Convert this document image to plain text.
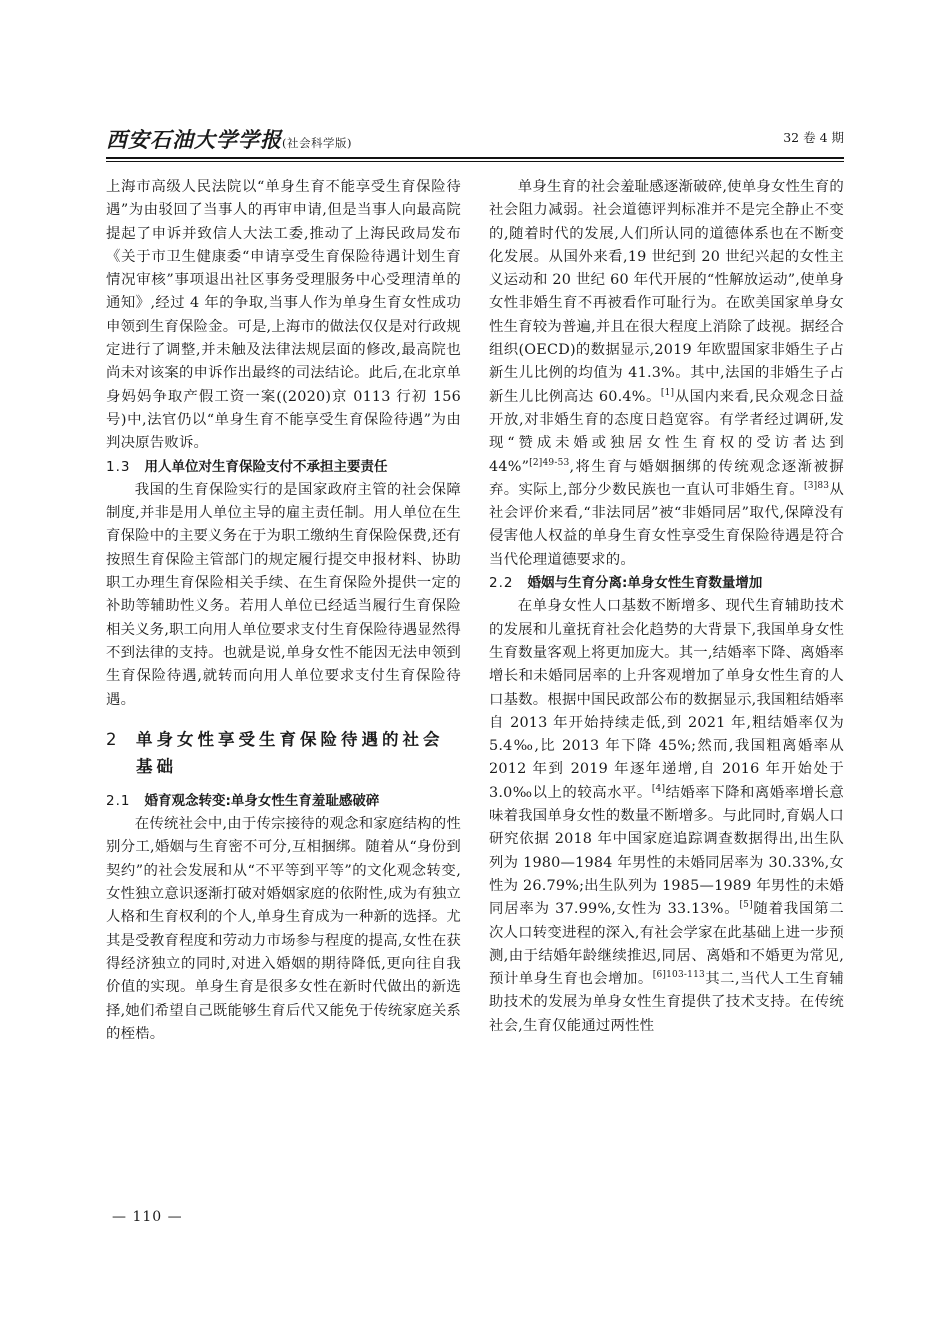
西安石油大学学报(社会科学版)	32 卷 4 期

上海市高级人民法院以“单身生育不能享受生育保险待遇”为由驳回了当事人的再审申请,但是当事人向最高院提起了申诉并致信人大法工委,推动了上海民政局发布《关于市卫生健康委“申请享受生育保险待遇计划生育情况审核”事项退出社区事务受理服务中心受理清单的通知》,经过 4 年的争取,当事人作为单身生育女性成功申领到生育保险金。可是,上海市的做法仅仅是对行政规定进行了调整,并未触及法律法规层面的修改,最高院也尚未对该案的申诉作出最终的司法结论。此后,在北京单身妈妈争取产假工资一案((2020)京 0113 行初 156 号)中,法官仍以“单身生育不能享受生育保险待遇”为由判决原告败诉。

1.3 用人单位对生育保险支付不承担主要责任

我国的生育保险实行的是国家政府主管的社会保障制度,并非是用人单位主导的雇主责任制。用人单位在生育保险中的主要义务在于为职工缴纳生育保险保费,还有按照生育保险主管部门的规定履行提交申报材料、协助职工办理生育保险相关手续、在生育保险外提供一定的补助等辅助性义务。若用人单位已经适当履行生育保险相关义务,职工向用人单位要求支付生育保险待遇显然得不到法律的支持。也就是说,单身女性不能因无法申领到生育保险待遇,就转而向用人单位要求支付生育保险待遇。

2	单身女性享受生育保险待遇的社会
基础

2.1 婚育观念转变:单身女性生育羞耻感破碎

在传统社会中,由于传宗接待的观念和家庭结构的性别分工,婚姻与生育密不可分,互相捆绑。随着从“身份到契约”的社会发展和从“不平等到平等”的文化观念转变,女性独立意识逐渐打破对婚姻家庭的依附性,成为有独立人格和生育权利的个人,单身生育成为一种新的选择。尤其是受教育程度和劳动力市场参与程度的提高,女性在获得经济独立的同时,对进入婚姻的期待降低,更向往自我价值的实现。单身生育是很多女性在新时代做出的新选择,她们希望自己既能够生育后代又能免于传统家庭关系的桎梏。

单身生育的社会羞耻感逐渐破碎,使单身女性生育的社会阻力减弱。社会道德评判标准并不是完全静止不变的,随着时代的发展,人们所认同的道德体系也在不断变化发展。从国外来看,19 世纪到 20 世纪兴起的女性主义运动和 20 世纪 60 年代开展的“性解放运动”,使单身女性非婚生育不再被看作可耻行为。在欧美国家单身女性生育较为普遍,并且在很大程度上消除了歧视。据经合组织(OECD)的数据显示,2019 年欧盟国家非婚生子占新生儿比例的均值为 41.3%。其中,法国的非婚生子占新生儿比例高达 60.4%。[1]从国内来看,民众观念日益开放,对非婚生育的态度日趋宽容。有学者经过调研,发现“赞成未婚或独居女性生育权的受访者达到 44%”$^{[2]49-53}$,将生育与婚姻捆绑的传统观念逐渐被摒弃。实际上,部分少数民族也一直认可非婚生育。$^{[3]83}$从社会评价来看,“非法同居”被“非婚同居”取代,保障没有侵害他人权益的单身生育女性享受生育保险待遇是符合当代伦理道德要求的。

2.2 婚姻与生育分离:单身女性生育数量增加

在单身女性人口基数不断增多、现代生育辅助技术的发展和儿童抚育社会化趋势的大背景下,我国单身女性生育数量客观上将更加庞大。其一,结婚率下降、离婚率增长和未婚同居率的上升客观增加了单身女性生育的人口基数。根据中国民政部公布的数据显示,我国粗结婚率自 2013 年开始持续走低,到 2021 年,粗结婚率仅为 5.4‰,比 2013 年下降 45%;然而,我国粗离婚率从 2012 年到 2019 年逐年递增,自 2016 年开始处于 3.0‰以上的较高水平。[4]结婚率下降和离婚率增长意味着我国单身女性的数量不断增多。与此同时,育娲人口研究依据 2018 年中国家庭追踪调查数据得出,出生队列为 1980—1984 年男性的未婚同居率为 30.33%,女性为 26.79%;出生队列为 1985—1989 年男性的未婚同居率为 37.99%,女性为 33.13%。[5]随着我国第二次人口转变进程的深入,有社会学家在此基础上进一步预测,由于结婚年龄继续推迟,同居、离婚和不婚更为常见,预计单身生育也会增加。$^{[6]103-113}$其二,当代人工生育辅助技术的发展为单身女性生育提供了技术支持。在传统社会,生育仅能通过两性性

— 110 —
